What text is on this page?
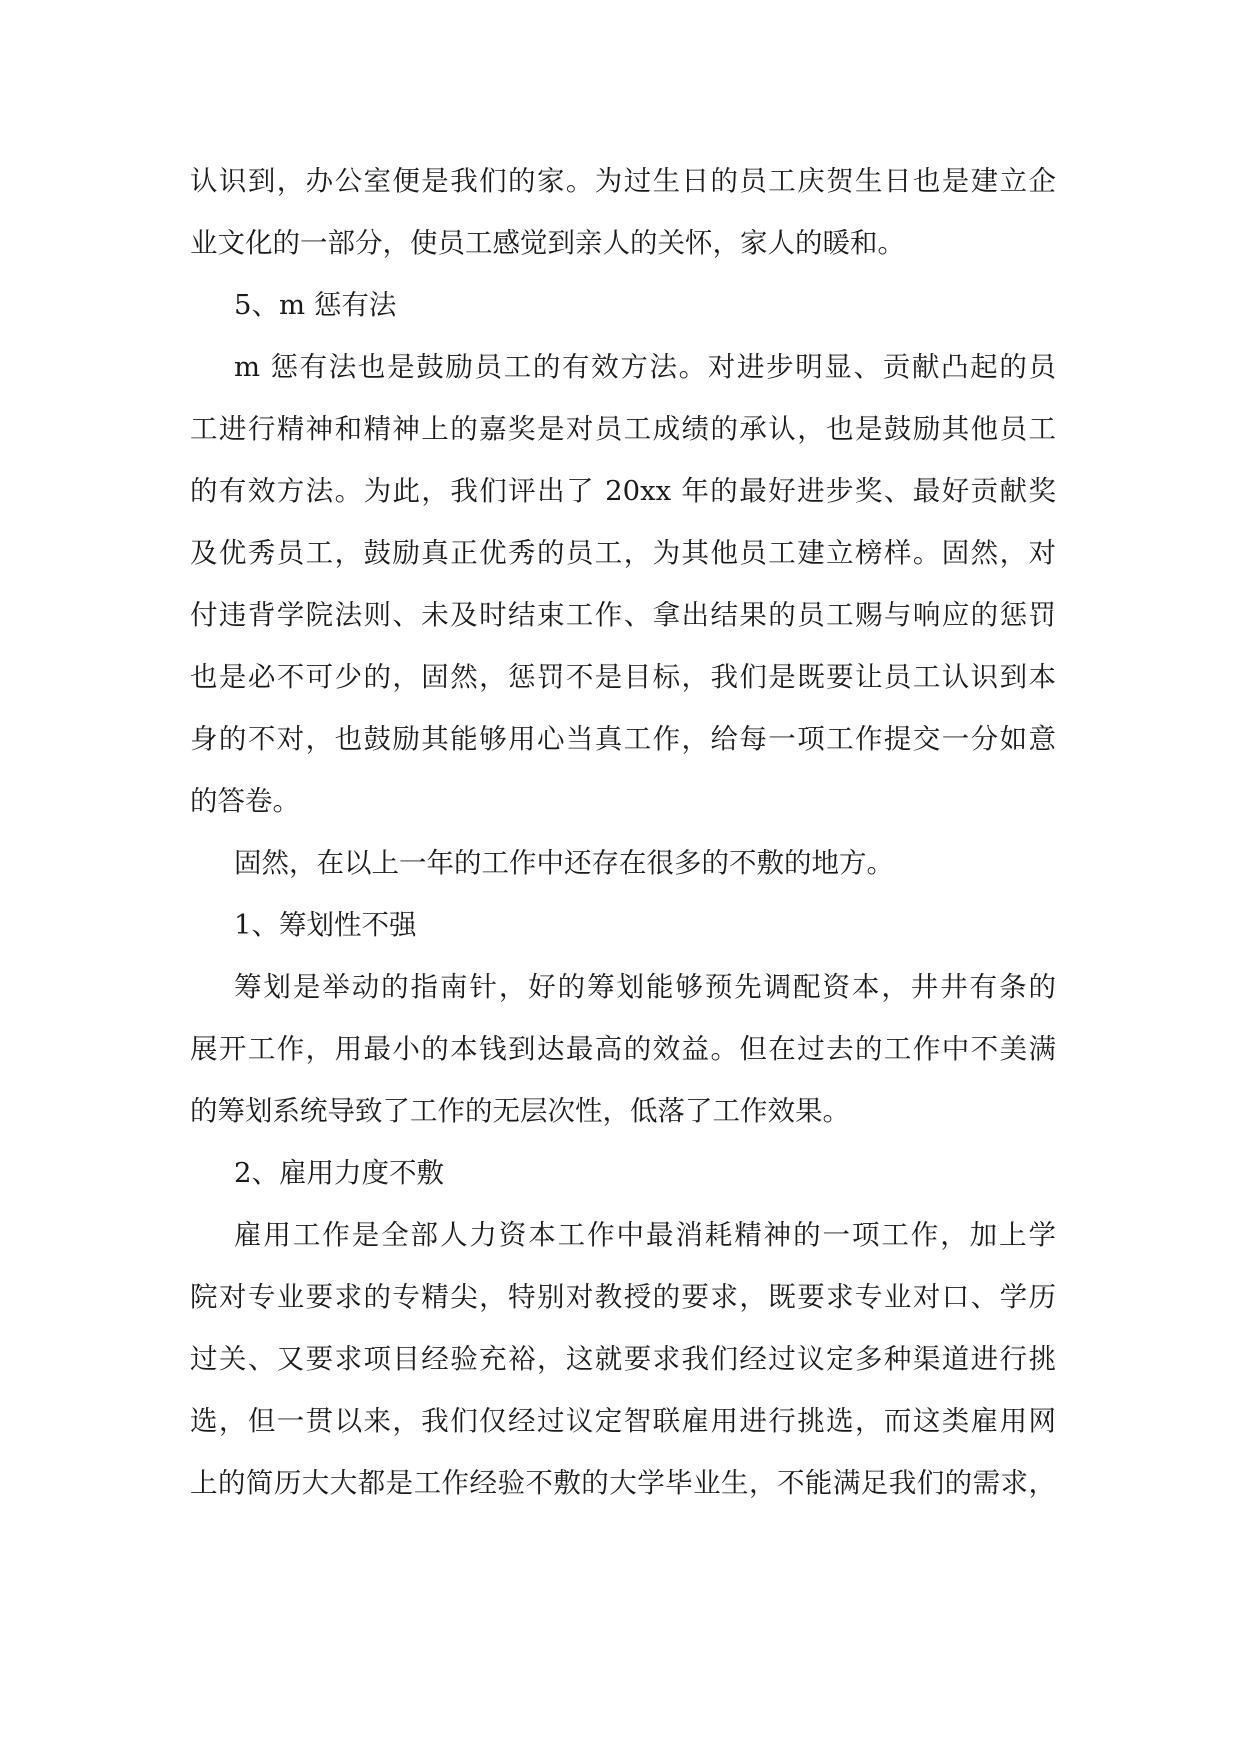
认识到，办公室便是我们的家。为过生日的员工庆贺生日也是建立企
业文化的一部分，使员工感觉到亲人的关怀，家人的暖和。
5、m 惩有法
m 惩有法也是鼓励员工的有效方法。对进步明显、贡献凸起的员
工进行精神和精神上的嘉奖是对员工成绩的承认，也是鼓励其他员工
的有效方法。为此，我们评出了 20xx 年的最好进步奖、最好贡献奖
及优秀员工，鼓励真正优秀的员工，为其他员工建立榜样。固然，对
付违背学院法则、未及时结束工作、拿出结果的员工赐与响应的惩罚
也是必不可少的，固然，惩罚不是目标，我们是既要让员工认识到本
身的不对，也鼓励其能够用心当真工作，给每一项工作提交一分如意
的答卷。
固然，在以上一年的工作中还存在很多的不敷的地方。
1、筹划性不强
筹划是举动的指南针，好的筹划能够预先调配资本，井井有条的
展开工作，用最小的本钱到达最高的效益。但在过去的工作中不美满
的筹划系统导致了工作的无层次性，低落了工作效果。
2、雇用力度不敷
雇用工作是全部人力资本工作中最消耗精神的一项工作，加上学
院对专业要求的专精尖，特别对教授的要求，既要求专业对口、学历
过关、又要求项目经验充裕，这就要求我们经过议定多种渠道进行挑
选，但一贯以来，我们仅经过议定智联雇用进行挑选，而这类雇用网
上的简历大大都是工作经验不敷的大学毕业生，不能满足我们的需求，
